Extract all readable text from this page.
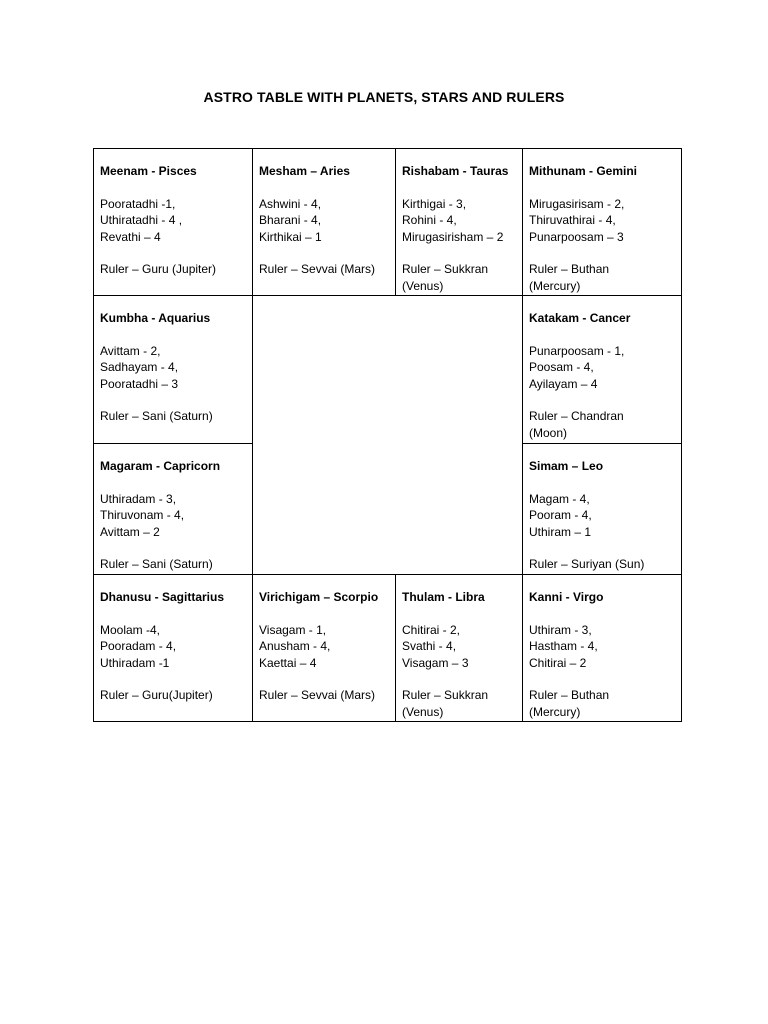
ASTRO TABLE WITH PLANETS, STARS AND RULERS
Meenam - Pisces
Pooratadhi -1,
Uthiratadhi - 4 ,
Revathi – 4
Ruler – Guru (Jupiter)
Mesham – Aries
Ashwini - 4,
Bharani - 4,
Kirthikai – 1
Ruler – Sevvai (Mars)
Rishabam - Tauras
Kirthigai - 3,
Rohini - 4,
Mirugasirisham – 2
Ruler – Sukkran
(Venus)
Mithunam - Gemini
Mirugasirisam - 2,
Thiruvathirai - 4,
Punarpoosam – 3
Ruler – Buthan
(Mercury)
Kumbha - Aquarius
Avittam - 2,
Sadhayam - 4,
Pooratadhi – 3
Ruler – Sani (Saturn)
Katakam - Cancer
Punarpoosam - 1,
Poosam - 4,
Ayilayam – 4
Ruler – Chandran
(Moon)
Magaram - Capricorn
Uthiradam - 3,
Thiruvonam - 4,
Avittam – 2
Ruler – Sani (Saturn)
Simam – Leo
Magam - 4,
Pooram - 4,
Uthiram – 1
Ruler – Suriyan (Sun)
Dhanusu - Sagittarius
Moolam -4,
Pooradam - 4,
Uthiradam -1
Ruler – Guru(Jupiter)
Virichigam – Scorpio
Visagam - 1,
Anusham - 4,
Kaettai – 4
Ruler – Sevvai (Mars)
Thulam - Libra
Chitirai - 2,
Svathi - 4,
Visagam – 3
Ruler – Sukkran
(Venus)
Kanni - Virgo
Uthiram - 3,
Hastham - 4,
Chitirai – 2
Ruler – Buthan
(Mercury)
